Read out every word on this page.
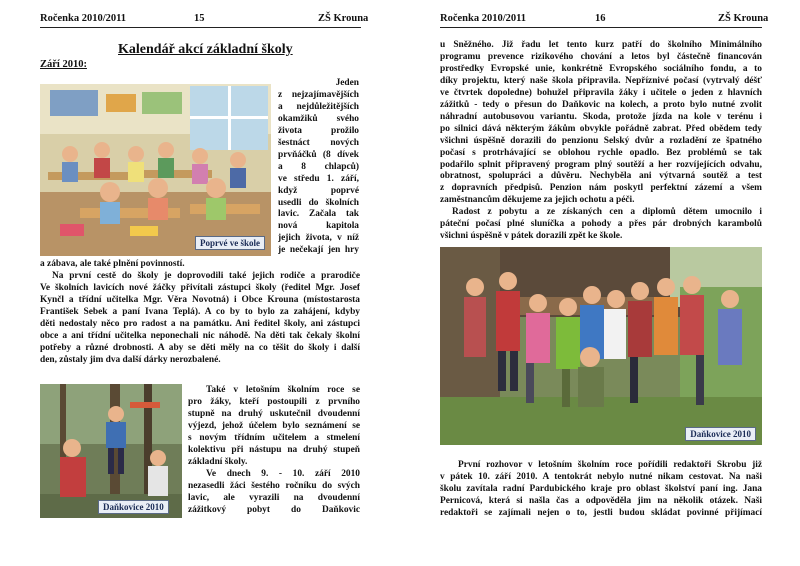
Ročenka 2010/2011	15	ZŠ Krouna
Kalendář akcí základní školy
Září 2010:
Poprvé ve škole
Jeden
z nejzajímavějších
a nejdůležitějších
okamžiků svého
života prožilo
šestnáct nových
prvňáčků (8 dívek
a 8 chlapců)
ve středu 1. září,
když poprvé
usedli do školních
lavic. Začala tak
nová kapitola
jejich života, v níž
je nečekají jen hry
a zábava, ale také plnění povinností.
Na první cestě do školy je doprovodili také jejich rodiče a prarodiče
Ve školních lavicích nové žáčky přivítali zástupci školy (ředitel Mgr. Josef
Kynčl a třídní učitelka Mgr. Věra Novotná) i Obce Krouna (místostarosta
František Šebek a paní Ivana Teplá). A co by to bylo za zahájení, kdyby
děti nedostaly něco pro radost a na památku. Ani ředitel školy, ani zástupci
obce a ani třídní učitelka neponechali nic náhodě. Na děti tak čekaly školní
potřeby a různé drobnosti. A aby se děti měly na co těšit do školy i další
den, zůstaly jim dva další dárky nerozbalené.
Daňkovice 2010
Také v letošním školním roce se
pro žáky, kteří postoupili z prvního
stupně na druhý uskutečnil dvoudenní
výjezd, jehož účelem bylo seznámení se
s novým třídním učitelem a stmelení
kolektivu při nástupu na druhý stupeň
základní školy.
Ve dnech 9. - 10. září 2010
nezasedli žáci šestého ročníku do svých
lavic, ale vyrazili na dvoudenní
zážitkový pobyt do Daňkovic
Ročenka 2010/2011	16	ZŠ Krouna
u Sněžného. Již řadu let tento kurz patří do školního Minimálního
programu prevence rizikového chování a letos byl částečně financován
prostředky Evropské unie, konkrétně Evropského sociálního fondu, a to
díky projektu, který naše škola připravila. Nepříznivé počasí (vytrvalý déšť
ve čtvrtek dopoledne) bohužel připravila žáky i učitele o jeden z hlavních
zážitků - tedy o přesun do Daňkovic na kolech, a proto bylo nutné zvolit
náhradní autobusovou variantu. Škoda, protože jízda na kole v terénu i
po silnici dává některým žákům obvykle pořádně zabrat. Před obědem tedy
všichni úspěšně dorazili do penzionu Selský dvůr a rozladění ze špatného
počasí s protrhávající se oblohou rychle opadlo. Bez problémů se tak
podařilo splnit připravený program plný soutěží a her rozvíjejících odvahu,
obratnost, spolupráci a důvěru. Nechyběla ani výtvarná soutěž a test
z dopravních předpisů. Penzion nám poskytl perfektní zázemí a všem
zaměstnancům děkujeme za jejich ochotu a péči.
Radost z pobytu a ze získaných cen a diplomů dětem umocnilo i
páteční počasí plné sluníčka a pohody a přes pár drobných karambolů
všichni úspěšně v pátek dorazili zpět ke škole.
Daňkovice 2010
První rozhovor v letošním školním roce pořídili redaktoři Škrobu již
v pátek 10. září 2010. A tentokrát nebylo nutné nikam cestovat. Na naši
školu zavítala radní Pardubického kraje pro oblast školství paní ing. Jana
Pernicová, která si našla čas a odpověděla jim na několik otázek. Naši
redaktoři se zajímali nejen o to, jestli budou skládat povinné přijímací
